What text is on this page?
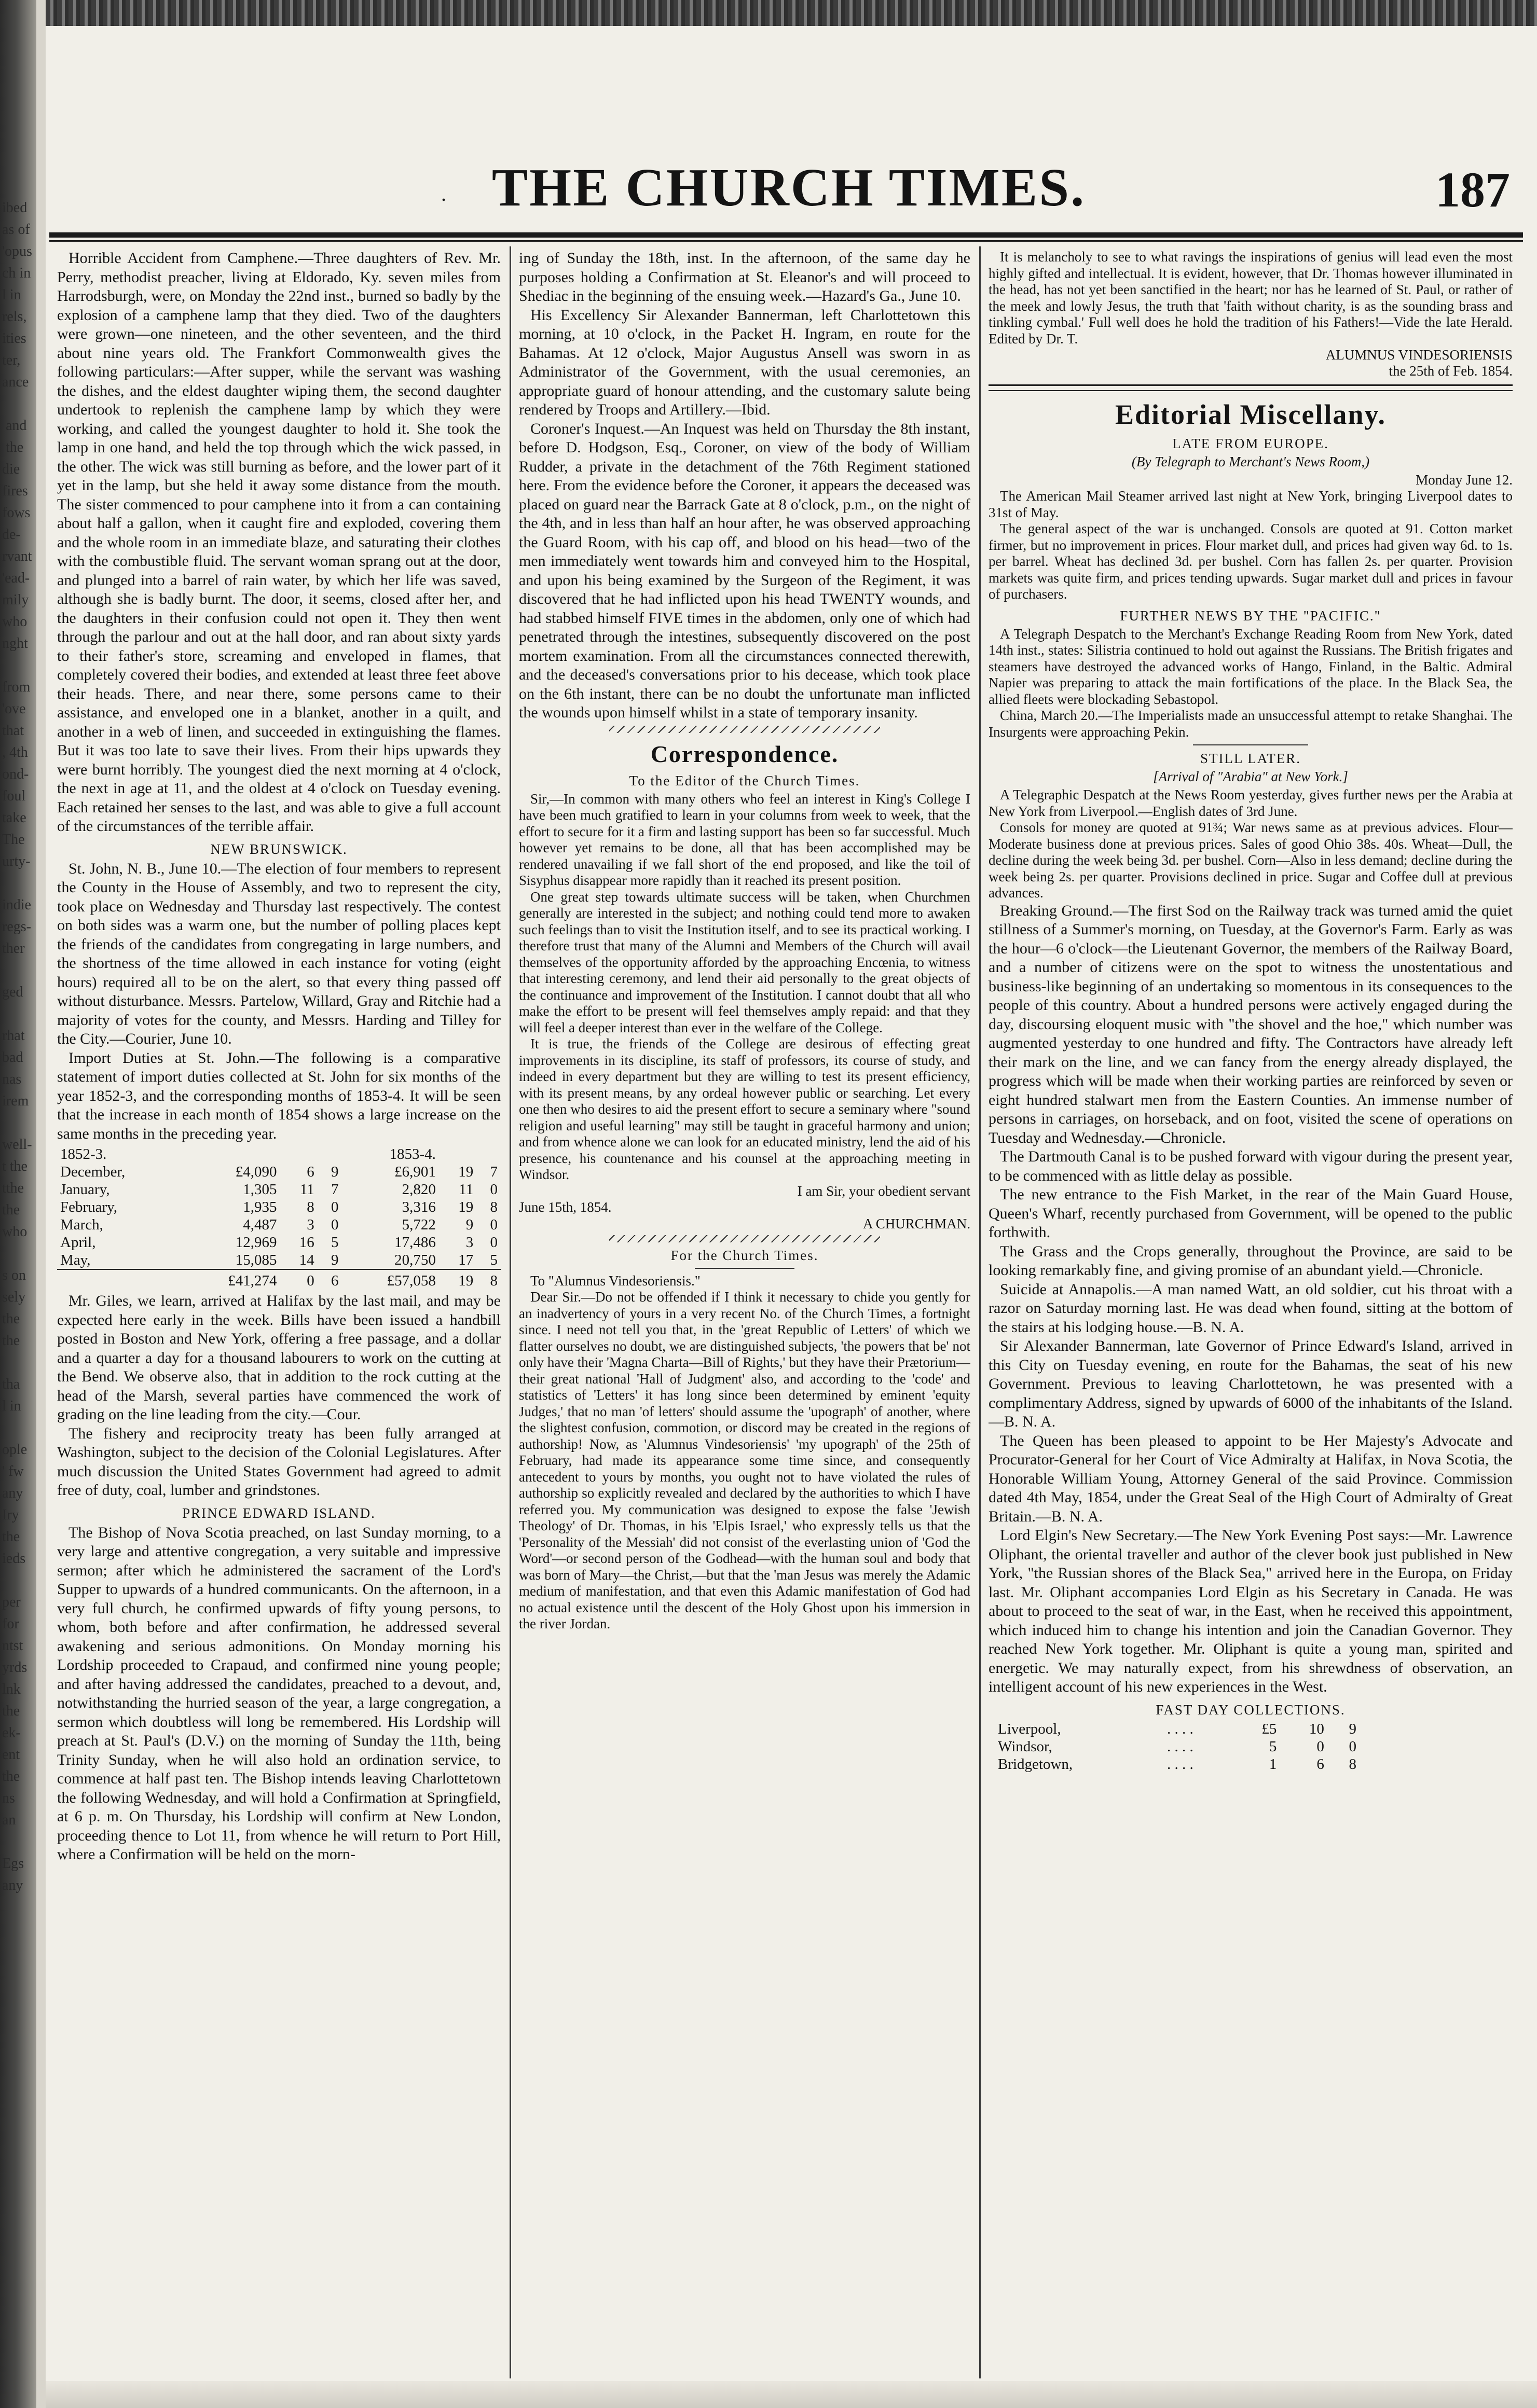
ibed
as of
'opus
ch in
l in
rels,
ities
ter,
ance

and
the
die
fires
fows
de-
rvant
'ead-
mily
who
nght

from
'ove
that
, 4th
ond-
foul
take
The
urty-

indie
regs-
ther

ged

rhat
bad
nas
irem

well-
t the
tthe
the
who

s on
sely
the
the

tha
l in

ople
' fw
any
Iry
the
ieds

per
for
ntst
yrds
lnk
the
ek-
ent
the
ns
an

Egs
any

. THE CHURCH TIMES.	187

Horrible Accident from Camphene.—Three daughters of Rev. Mr. Perry, methodist preacher, living at Eldorado, Ky. seven miles from Harrodsburgh, were, on Monday the 22nd inst., burned so badly by the explosion of a camphene lamp that they died. Two of the daughters were grown—one nineteen, and the other seventeen, and the third about nine years old. The Frankfort Commonwealth gives the following particulars:—After supper, while the servant was washing the dishes, and the eldest daughter wiping them, the second daughter undertook to replenish the camphene lamp by which they were working, and called the youngest daughter to hold it. She took the lamp in one hand, and held the top through which the wick passed, in the other. The wick was still burning as before, and the lower part of it yet in the lamp, but she held it away some distance from the mouth. The sister commenced to pour camphene into it from a can containing about half a gallon, when it caught fire and exploded, covering them and the whole room in an immediate blaze, and saturating their clothes with the combustible fluid. The servant woman sprang out at the door, and plunged into a barrel of rain water, by which her life was saved, although she is badly burnt. The door, it seems, closed after her, and the daughters in their confusion could not open it. They then went through the parlour and out at the hall door, and ran about sixty yards to their father's store, screaming and enveloped in flames, that completely covered their bodies, and extended at least three feet above their heads. There, and near there, some persons came to their assistance, and enveloped one in a blanket, another in a quilt, and another in a web of linen, and succeeded in extinguishing the flames. But it was too late to save their lives. From their hips upwards they were burnt horribly. The youngest died the next morning at 4 o'clock, the next in age at 11, and the oldest at 4 o'clock on Tuesday evening. Each retained her senses to the last, and was able to give a full account of the circumstances of the terrible affair.

NEW BRUNSWICK.

St. John, N. B., June 10.—The election of four members to represent the County in the House of Assembly, and two to represent the city, took place on Wednesday and Thursday last respectively. The contest on both sides was a warm one, but the number of polling places kept the friends of the candidates from congregating in large numbers, and the shortness of the time allowed in each instance for voting (eight hours) required all to be on the alert, so that every thing passed off without disturbance. Messrs. Partelow, Willard, Gray and Ritchie had a majority of votes for the county, and Messrs. Harding and Tilley for the City.—Courier, June 10.

Import Duties at St. John.—The following is a comparative statement of import duties collected at St. John for six months of the year 1852-3, and the corresponding months of 1853-4. It will be seen that the increase in each month of 1854 shows a large increase on the same months in the preceding year.

1852-3.				1853-4.		
December,	£4,090	6	9	£6,901	19	7
January,	1,305	11	7	2,820	11	0
February,	1,935	8	0	3,316	19	8
March,	4,487	3	0	5,722	9	0
April,	12,969	16	5	17,486	3	0
May,	15,085	14	9	20,750	17	5
	£41,274	0	6	£57,058	19	8

Mr. Giles, we learn, arrived at Halifax by the last mail, and may be expected here early in the week. Bills have been issued a handbill posted in Boston and New York, offering a free passage, and a dollar and a quarter a day for a thousand labourers to work on the cutting at the Bend. We observe also, that in addition to the rock cutting at the head of the Marsh, several parties have commenced the work of grading on the line leading from the city.—Cour.

The fishery and reciprocity treaty has been fully arranged at Washington, subject to the decision of the Colonial Legislatures. After much discussion the United States Government had agreed to admit free of duty, coal, lumber and grindstones.

PRINCE EDWARD ISLAND.

The Bishop of Nova Scotia preached, on last Sunday morning, to a very large and attentive congregation, a very suitable and impressive sermon; after which he administered the sacrament of the Lord's Supper to upwards of a hundred communicants. On the afternoon, in a very full church, he confirmed upwards of fifty young persons, to whom, both before and after confirmation, he addressed several awakening and serious admonitions. On Monday morning his Lordship proceeded to Crapaud, and confirmed nine young people; and after having addressed the candidates, preached to a devout, and, notwithstanding the hurried season of the year, a large congregation, a sermon which doubtless will long be remembered. His Lordship will preach at St. Paul's (D.V.) on the morning of Sunday the 11th, being Trinity Sunday, when he will also hold an ordination service, to commence at half past ten. The Bishop intends leaving Charlottetown the following Wednesday, and will hold a Confirmation at Springfield, at 6 p. m. On Thursday, his Lordship will confirm at New London, proceeding thence to Lot 11, from whence he will return to Port Hill, where a Confirmation will be held on the morn-

ing of Sunday the 18th, inst. In the afternoon, of the same day he purposes holding a Confirmation at St. Eleanor's and will proceed to Shediac in the beginning of the ensuing week.—Hazard's Ga., June 10.

His Excellency Sir Alexander Bannerman, left Charlottetown this morning, at 10 o'clock, in the Packet H. Ingram, en route for the Bahamas. At 12 o'clock, Major Augustus Ansell was sworn in as Administrator of the Government, with the usual ceremonies, an appropriate guard of honour attending, and the customary salute being rendered by Troops and Artillery.—Ibid.

Coroner's Inquest.—An Inquest was held on Thursday the 8th instant, before D. Hodgson, Esq., Coroner, on view of the body of William Rudder, a private in the detachment of the 76th Regiment stationed here. From the evidence before the Coroner, it appears the deceased was placed on guard near the Barrack Gate at 8 o'clock, p.m., on the night of the 4th, and in less than half an hour after, he was observed approaching the Guard Room, with his cap off, and blood on his head—two of the men immediately went towards him and conveyed him to the Hospital, and upon his being examined by the Surgeon of the Regiment, it was discovered that he had inflicted upon his head TWENTY wounds, and had stabbed himself FIVE times in the abdomen, only one of which had penetrated through the intestines, subsequently discovered on the post mortem examination. From all the circumstances connected therewith, and the deceased's conversations prior to his decease, which took place on the 6th instant, there can be no doubt the unfortunate man inflicted the wounds upon himself whilst in a state of temporary insanity.

Correspondence.
To the Editor of the Church Times.

Sir,—In common with many others who feel an interest in King's College I have been much gratified to learn in your columns from week to week, that the effort to secure for it a firm and lasting support has been so far successful. Much however yet remains to be done, all that has been accomplished may be rendered unavailing if we fall short of the end proposed, and like the toil of Sisyphus disappear more rapidly than it reached its present position.

One great step towards ultimate success will be taken, when Churchmen generally are interested in the subject; and nothing could tend more to awaken such feelings than to visit the Institution itself, and to see its practical working. I therefore trust that many of the Alumni and Members of the Church will avail themselves of the opportunity afforded by the approaching Encœnia, to witness that interesting ceremony, and lend their aid personally to the great objects of the continuance and improvement of the Institution. I cannot doubt that all who make the effort to be present will feel themselves amply repaid: and that they will feel a deeper interest than ever in the welfare of the College.

It is true, the friends of the College are desirous of effecting great improvements in its discipline, its staff of professors, its course of study, and indeed in every department but they are willing to test its present efficiency, with its present means, by any ordeal however public or searching. Let every one then who desires to aid the present effort to secure a seminary where "sound religion and useful learning" may still be taught in graceful harmony and union; and from whence alone we can look for an educated ministry, lend the aid of his presence, his countenance and his counsel at the approaching meeting in Windsor.

I am Sir, your obedient servant

June 15th, 1854.

A CHURCHMAN.
For the Church Times.

To "Alumnus Vindesoriensis."

Dear Sir.—Do not be offended if I think it necessary to chide you gently for an inadvertency of yours in a very recent No. of the Church Times, a fortnight since. I need not tell you that, in the 'great Republic of Letters' of which we flatter ourselves no doubt, we are distinguished subjects, 'the powers that be' not only have their 'Magna Charta—Bill of Rights,' but they have their Prætorium—their great national 'Hall of Judgment' also, and according to the 'code' and statistics of 'Letters' it has long since been determined by eminent 'equity Judges,' that no man 'of letters' should assume the 'upograph' of another, where the slightest confusion, commotion, or discord may be created in the regions of authorship! Now, as 'Alumnus Vindesoriensis' 'my upograph' of the 25th of February, had made its appearance some time since, and consequently antecedent to yours by months, you ought not to have violated the rules of authorship so explicitly revealed and declared by the authorities to which I have referred you. My communication was designed to expose the false 'Jewish Theology' of Dr. Thomas, in his 'Elpis Israel,' who expressly tells us that the 'Personality of the Messiah' did not consist of the everlasting union of 'God the Word'—or second person of the Godhead—with the human soul and body that was born of Mary—the Christ,—but that the 'man Jesus was merely the Adamic medium of manifestation, and that even this Adamic manifestation of God had no actual existence until the descent of the Holy Ghost upon his immersion in the river Jordan.

It is melancholy to see to what ravings the inspirations of genius will lead even the most highly gifted and intellectual. It is evident, however, that Dr. Thomas however illuminated in the head, has not yet been sanctified in the heart; nor has he learned of St. Paul, or rather of the meek and lowly Jesus, the truth that 'faith without charity, is as the sounding brass and tinkling cymbal.' Full well does he hold the tradition of his Fathers!—Vide the late Herald. Edited by Dr. T.

ALUMNUS VINDESORIENSIS
the 25th of Feb. 1854.
Editorial Miscellany.
LATE FROM EUROPE.
(By Telegraph to Merchant's News Room,)
Monday June 12.

The American Mail Steamer arrived last night at New York, bringing Liverpool dates to 31st of May.

The general aspect of the war is unchanged. Consols are quoted at 91. Cotton market firmer, but no improvement in prices. Flour market dull, and prices had given way 6d. to 1s. per barrel. Wheat has declined 3d. per bushel. Corn has fallen 2s. per quarter. Provision markets was quite firm, and prices tending upwards. Sugar market dull and prices in favour of purchasers.

FURTHER NEWS BY THE "PACIFIC."

A Telegraph Despatch to the Merchant's Exchange Reading Room from New York, dated 14th inst., states: Silistria continued to hold out against the Russians. The British frigates and steamers have destroyed the advanced works of Hango, Finland, in the Baltic. Admiral Napier was preparing to attack the main fortifications of the place. In the Black Sea, the allied fleets were blockading Sebastopol.

China, March 20.—The Imperialists made an unsuccessful attempt to retake Shanghai. The Insurgents were approaching Pekin.

STILL LATER.
[Arrival of "Arabia" at New York.]

A Telegraphic Despatch at the News Room yesterday, gives further news per the Arabia at New York from Liverpool.—English dates of 3rd June.

Consols for money are quoted at 91¾; War news same as at previous advices. Flour—Moderate business done at previous prices. Sales of good Ohio 38s. 40s. Wheat—Dull, the decline during the week being 3d. per bushel. Corn—Also in less demand; decline during the week being 2s. per quarter. Provisions declined in price. Sugar and Coffee dull at previous advances.

Breaking Ground.—The first Sod on the Railway track was turned amid the quiet stillness of a Summer's morning, on Tuesday, at the Governor's Farm. Early as was the hour—6 o'clock—the Lieutenant Governor, the members of the Railway Board, and a number of citizens were on the spot to witness the unostentatious and business-like beginning of an undertaking so momentous in its consequences to the people of this country. About a hundred persons were actively engaged during the day, discoursing eloquent music with "the shovel and the hoe," which number was augmented yesterday to one hundred and fifty. The Contractors have already left their mark on the line, and we can fancy from the energy already displayed, the progress which will be made when their working parties are reinforced by seven or eight hundred stalwart men from the Eastern Counties. An immense number of persons in carriages, on horseback, and on foot, visited the scene of operations on Tuesday and Wednesday.—Chronicle.

The Dartmouth Canal is to be pushed forward with vigour during the present year, to be commenced with as little delay as possible.

The new entrance to the Fish Market, in the rear of the Main Guard House, Queen's Wharf, recently purchased from Government, will be opened to the public forthwith.

The Grass and the Crops generally, throughout the Province, are said to be looking remarkably fine, and giving promise of an abundant yield.—Chronicle.

Suicide at Annapolis.—A man named Watt, an old soldier, cut his throat with a razor on Saturday morning last. He was dead when found, sitting at the bottom of the stairs at his lodging house.—B. N. A.

Sir Alexander Bannerman, late Governor of Prince Edward's Island, arrived in this City on Tuesday evening, en route for the Bahamas, the seat of his new Government. Previous to leaving Charlottetown, he was presented with a complimentary Address, signed by upwards of 6000 of the inhabitants of the Island.—B. N. A.

The Queen has been pleased to appoint to be Her Majesty's Advocate and Procurator-General for her Court of Vice Admiralty at Halifax, in Nova Scotia, the Honorable William Young, Attorney General of the said Province. Commission dated 4th May, 1854, under the Great Seal of the High Court of Admiralty of Great Britain.—B. N. A.

Lord Elgin's New Secretary.—The New York Evening Post says:—Mr. Lawrence Oliphant, the oriental traveller and author of the clever book just published in New York, "the Russian shores of the Black Sea," arrived here in the Europa, on Friday last. Mr. Oliphant accompanies Lord Elgin as his Secretary in Canada. He was about to proceed to the seat of war, in the East, when he received this appointment, which induced him to change his intention and join the Canadian Governor. They reached New York together. Mr. Oliphant is quite a young man, spirited and energetic. We may naturally expect, from his shrewdness of observation, an intelligent account of his new experiences in the West.

FAST DAY COLLECTIONS.
Liverpool,	. . . .	£5	10	9
Windsor,	. . . .	5	0	0
Bridgetown,	. . . .	1	6	8
